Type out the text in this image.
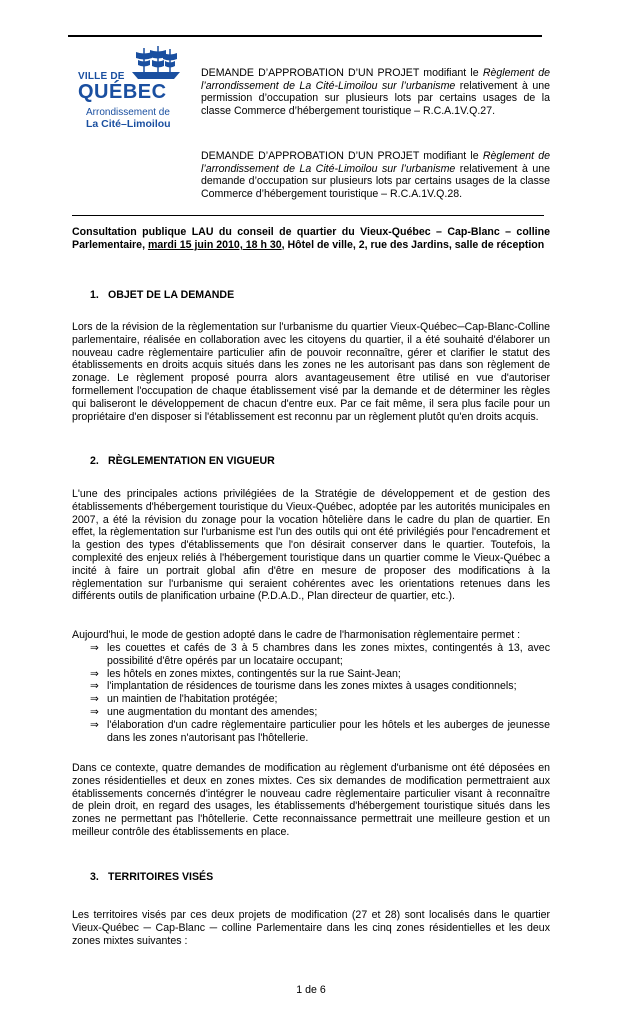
VILLE DE
QUÉBEC
Arrondissement de
La Cité–Limoilou
DEMANDE D’APPROBATION D’UN PROJET modifiant le Règlement de l’arrondissement de La Cité-Limoilou sur l’urbanisme relativement à une permission d’occupation sur plusieurs lots par certains usages de la classe Commerce d’hébergement touristique – R.C.A.1V.Q.27.
DEMANDE D’APPROBATION D’UN PROJET modifiant le Règlement de l’arrondissement de La Cité-Limoilou sur l’urbanisme relativement à une demande d’occupation sur plusieurs lots par certains usages de la classe Commerce d’hébergement touristique – R.C.A.1V.Q.28.
Consultation publique LAU du conseil de quartier du Vieux-Québec – Cap-Blanc – colline Parlementaire, mardi 15 juin 2010, 18 h 30, Hôtel de ville, 2, rue des Jardins, salle de réception
1. OBJET DE LA DEMANDE
Lors de la révision de la règlementation sur l'urbanisme du quartier Vieux-Québec─Cap-Blanc-Colline parlementaire, réalisée en collaboration avec les citoyens du quartier, il a été souhaité d'élaborer un nouveau cadre règlementaire particulier afin de pouvoir reconnaître, gérer et clarifier le statut des établissements en droits acquis situés dans les zones ne les autorisant pas dans son règlement de zonage. Le règlement proposé pourra alors avantageusement être utilisé en vue d'autoriser formellement l'occupation de chaque établissement visé par la demande et de déterminer les règles qui baliseront le développement de chacun d'entre eux. Par ce fait même, il sera plus facile pour un propriétaire d'en disposer si l'établissement est reconnu par un règlement plutôt qu'en droits acquis.
2. RÈGLEMENTATION EN VIGUEUR
L'une des principales actions privilégiées de la Stratégie de développement et de gestion des établissements d'hébergement touristique du Vieux-Québec, adoptée par les autorités municipales en 2007, a été la révision du zonage pour la vocation hôtelière dans le cadre du plan de quartier. En effet, la règlementation sur l'urbanisme est l'un des outils qui ont été privilégiés pour l'encadrement et la gestion des types d'établissements que l'on désirait conserver dans le quartier. Toutefois, la complexité des enjeux reliés à l'hébergement touristique dans un quartier comme le Vieux-Québec a incité à faire un portrait global afin d'être en mesure de proposer des modifications à la règlementation sur l'urbanisme qui seraient cohérentes avec les orientations retenues dans les différents outils de planification urbaine (P.D.A.D., Plan directeur de quartier, etc.).
Aujourd'hui, le mode de gestion adopté dans le cadre de l'harmonisation règlementaire permet :
⇒ les couettes et cafés de 3 à 5 chambres dans les zones mixtes, contingentés à 13, avec possibilité d'être opérés par un locataire occupant;
⇒ les hôtels en zones mixtes, contingentés sur la rue Saint-Jean;
⇒ l'implantation de résidences de tourisme dans les zones mixtes à usages conditionnels;
⇒ un maintien de l'habitation protégée;
⇒ une augmentation du montant des amendes;
⇒ l'élaboration d'un cadre règlementaire particulier pour les hôtels et les auberges de jeunesse dans les zones n'autorisant pas l'hôtellerie.
Dans ce contexte, quatre demandes de modification au règlement d'urbanisme ont été déposées en zones résidentielles et deux en zones mixtes. Ces six demandes de modification permettraient aux établissements concernés d'intégrer le nouveau cadre règlementaire particulier visant à reconnaître de plein droit, en regard des usages, les établissements d'hébergement touristique situés dans les zones ne permettant pas l'hôtellerie. Cette reconnaissance permettrait une meilleure gestion et un meilleur contrôle des établissements en place.
3. TERRITOIRES VISÉS
Les territoires visés par ces deux projets de modification (27 et 28) sont localisés dans le quartier Vieux-Québec ─ Cap-Blanc ─ colline Parlementaire dans les cinq zones résidentielles et les deux zones mixtes suivantes :
1 de 6
